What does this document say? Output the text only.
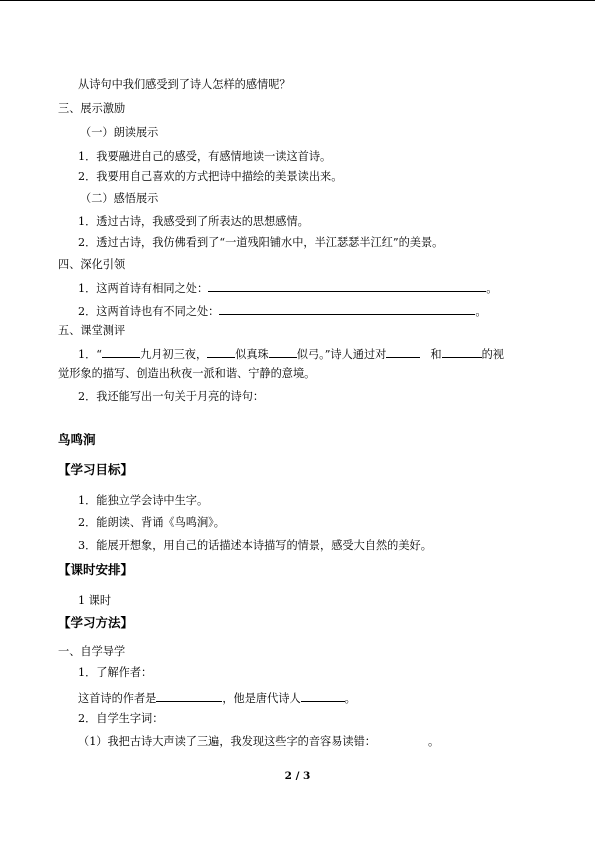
从诗句中我们感受到了诗人怎样的感情呢？
三、展示激励
（一）朗读展示
1．我要融进自己的感受，有感情地读一读这首诗。
2．我要用自己喜欢的方式把诗中描绘的美景读出来。
（二）感悟展示
1．透过古诗，我感受到了所表达的思想感情。
2．透过古诗，我仿佛看到了“一道残阳铺水中，半江瑟瑟半江红”的美景。
四、深化引领
1．这两首诗有相同之处：	。
2．这两首诗也有不同之处：	。
五、课堂测评
1．“	九月初三夜，	似真珠	似弓。”诗人通过对	和	的视
觉形象的描写、创造出秋夜一派和谐、宁静的意境。
2．我还能写出一句关于月亮的诗句：
鸟鸣涧
【学习目标】
1．能独立学会诗中生字。
2．能朗读、背诵《鸟鸣涧》。
3．能展开想象，用自己的话描述本诗描写的情景，感受大自然的美好。
【课时安排】
1 课时
【学习方法】
一、自学导学
1．了解作者：
这首诗的作者是	，他是唐代诗人	。
2．自学生字词：
（1）我把古诗大声读了三遍，我发现这些字的音容易读错：	。
2 / 3
